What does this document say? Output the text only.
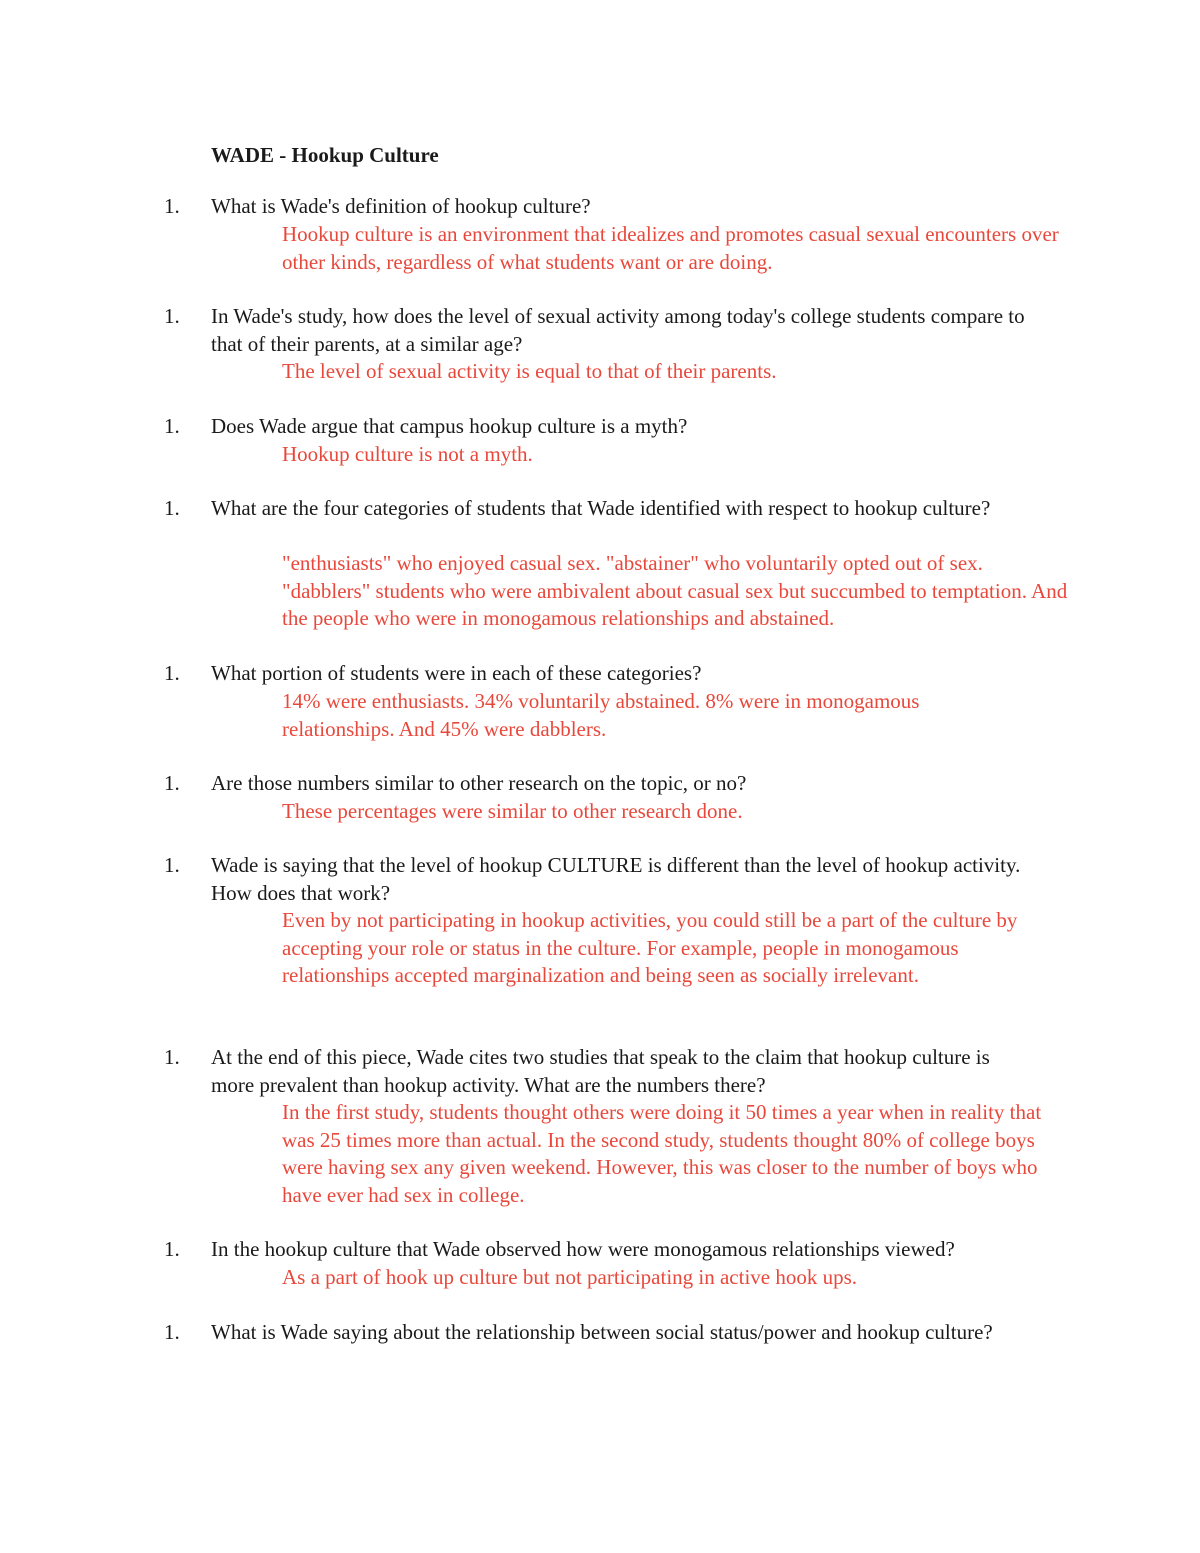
WADE - Hookup Culture
1. What is Wade's definition of hookup culture?

Hookup culture is an environment that idealizes and promotes casual sexual encounters over other kinds, regardless of what students want or are doing.

1. In Wade's study, how does the level of sexual activity among today's college students compare to that of their parents, at a similar age?

The level of sexual activity is equal to that of their parents.

1. Does Wade argue that campus hookup culture is a myth?

Hookup culture is not a myth.

1. What are the four categories of students that Wade identified with respect to hookup culture?

"enthusiasts" who enjoyed casual sex. "abstainer" who voluntarily opted out of sex. "dabblers" students who were ambivalent about casual sex but succumbed to temptation. And the people who were in monogamous relationships and abstained.

1. What portion of students were in each of these categories?

14% were enthusiasts. 34% voluntarily abstained. 8% were in monogamous relationships. And 45% were dabblers.

1. Are those numbers similar to other research on the topic, or no?

These percentages were similar to other research done.

1. Wade is saying that the level of hookup CULTURE is different than the level of hookup activity. How does that work?

Even by not participating in hookup activities, you could still be a part of the culture by accepting your role or status in the culture. For example, people in monogamous relationships accepted marginalization and being seen as socially irrelevant.

1. At the end of this piece, Wade cites two studies that speak to the claim that hookup culture is more prevalent than hookup activity. What are the numbers there?

In the first study, students thought others were doing it 50 times a year when in reality that was 25 times more than actual. In the second study, students thought 80% of college boys were having sex any given weekend. However, this was closer to the number of boys who have ever had sex in college.

1. In the hookup culture that Wade observed how were monogamous relationships viewed?

As a part of hook up culture but not participating in active hook ups.

1. What is Wade saying about the relationship between social status/power and hookup culture?
